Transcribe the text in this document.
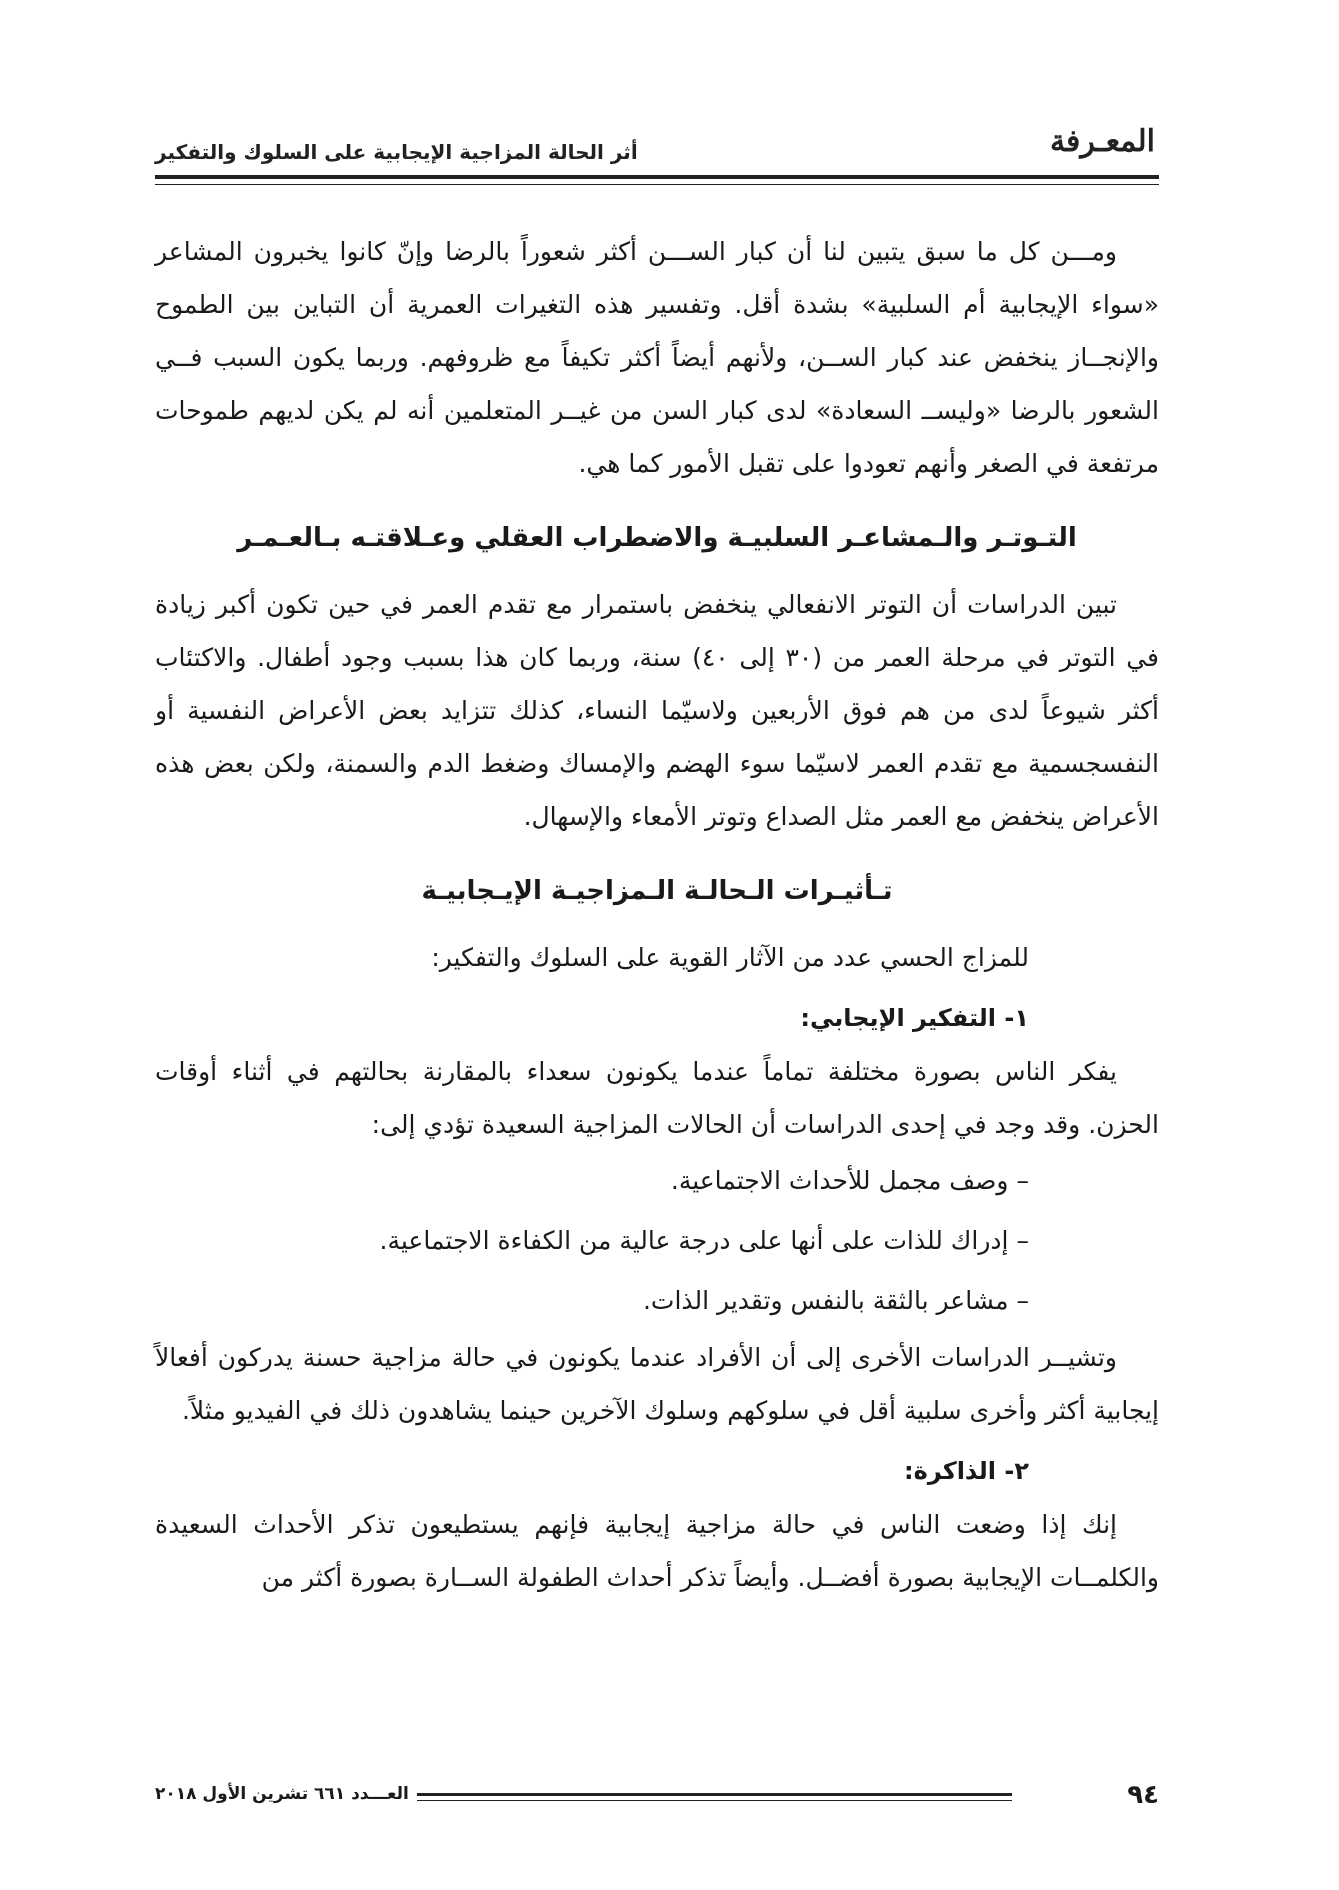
المعـرفة
أثر الحالة المزاجية الإيجابية على السلوك والتفكير

ومـــن كل ما سبق يتبين لنا أن كبار الســـن أكثر شعوراً بالرضا وإنّ كانوا يخبرون المشاعر «سواء الإيجابية أم السلبية» بشدة أقل. وتفسير هذه التغيرات العمرية أن التباين بين الطموح والإنجــاز ينخفض عند كبار الســن، ولأنهم أيضاً أكثر تكيفاً مع ظروفهم. وربما يكون السبب فــي الشعور بالرضا «وليســ السعادة» لدى كبار السن من غيــر المتعلمين أنه لم يكن لديهم طموحات مرتفعة في الصغر وأنهم تعودوا على تقبل الأمور كما هي.

التـوتـر والـمشاعـر السلبيـة والاضطراب العقلي وعـلاقتـه بـالعـمـر

تبين الدراسات أن التوتر الانفعالي ينخفض باستمرار مع تقدم العمر في حين تكون أكبر زيادة في التوتر في مرحلة العمر من (٣٠ إلى ٤٠) سنة، وربما كان هذا بسبب وجود أطفال. والاكتئاب أكثر شيوعاً لدى من هم فوق الأربعين ولاسيّما النساء، كذلك تتزايد بعض الأعراض النفسية أو النفسجسمية مع تقدم العمر لاسيّما سوء الهضم والإمساك وضغط الدم والسمنة، ولكن بعض هذه الأعراض ينخفض مع العمر مثل الصداع وتوتر الأمعاء والإسهال.

تـأثيـرات الـحالـة الـمزاجيـة الإيـجابيـة

للمزاج الحسي عدد من الآثار القوية على السلوك والتفكير:

١- التفكير الإيجابي:

يفكر الناس بصورة مختلفة تماماً عندما يكونون سعداء بالمقارنة بحالتهم في أثناء أوقات الحزن. وقد وجد في إحدى الدراسات أن الحالات المزاجية السعيدة تؤدي إلى:

–وصف مجمل للأحداث الاجتماعية.
–إدراك للذات على أنها على درجة عالية من الكفاءة الاجتماعية.
–مشاعر بالثقة بالنفس وتقدير الذات.

وتشيــر الدراسات الأخرى إلى أن الأفراد عندما يكونون في حالة مزاجية حسنة يدركون أفعالاً إيجابية أكثر وأخرى سلبية أقل في سلوكهم وسلوك الآخرين حينما يشاهدون ذلك في الفيديو مثلاً.

٢- الذاكرة:

إنك إذا وضعت الناس في حالة مزاجية إيجابية فإنهم يستطيعون تذكر الأحداث السعيدة والكلمــات الإيجابية بصورة أفضــل. وأيضاً تذكر أحداث الطفولة الســارة بصورة أكثر من

٩٤
العـــدد ٦٦١ تشرين الأول ٢٠١٨
